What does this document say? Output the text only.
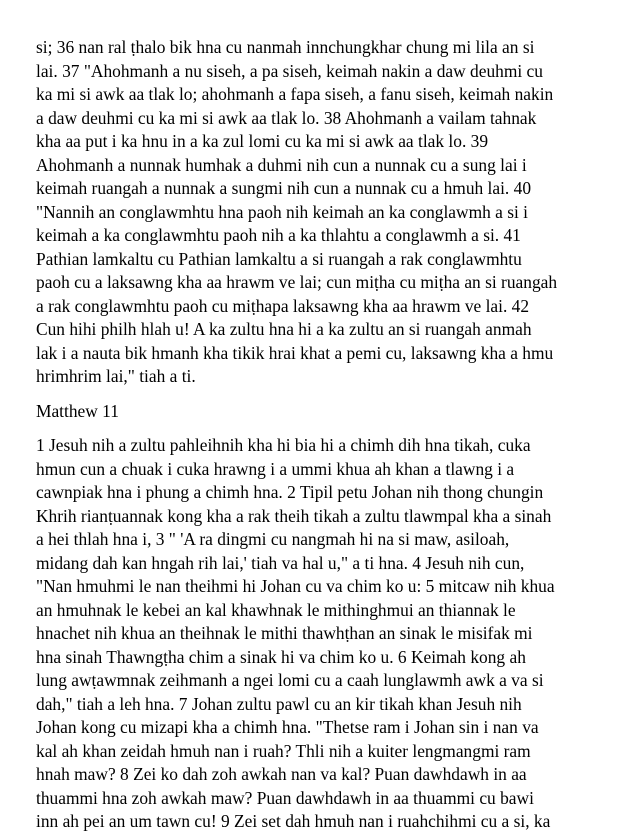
si; 36 nan ral ṭhalo bik hna cu nanmah innchungkhar chung mi lila an si
lai. 37 "Ahohmanh a nu siseh, a pa siseh, keimah nakin a daw deuhmi cu
ka mi si awk aa tlak lo; ahohmanh a fapa siseh, a fanu siseh, keimah nakin
a daw deuhmi cu ka mi si awk aa tlak lo. 38 Ahohmanh a vailam tahnak
kha aa put i ka hnu in a ka zul lomi cu ka mi si awk aa tlak lo. 39
Ahohmanh a nunnak humhak a duhmi nih cun a nunnak cu a sung lai i
keimah ruangah a nunnak a sungmi nih cun a nunnak cu a hmuh lai. 40
"Nannih an conglawmhtu hna paoh nih keimah an ka conglawmh a si i
keimah a ka conglawmhtu paoh nih a ka thlahtu a conglawmh a si. 41
Pathian lamkaltu cu Pathian lamkaltu a si ruangah a rak conglawmhtu
paoh cu a laksawng kha aa hrawm ve lai; cun miṭha cu miṭha an si ruangah
a rak conglawmhtu paoh cu miṭhapa laksawng kha aa hrawm ve lai. 42
Cun hihi philh hlah u! A ka zultu hna hi a ka zultu an si ruangah anmah
lak i a nauta bik hmanh kha tikik hrai khat a pemi cu, laksawng kha a hmu
hrimhrim lai," tiah a ti.

Matthew 11

1 Jesuh nih a zultu pahleihnih kha hi bia hi a chimh dih hna tikah, cuka
hmun cun a chuak i cuka hrawng i a ummi khua ah khan a tlawng i a
cawnpiak hna i phung a chimh hna. 2 Tipil petu Johan nih thong chungin
Khrih rianṭuannak kong kha a rak theih tikah a zultu tlawmpal kha a sinah
a hei thlah hna i, 3 " 'A ra dingmi cu nangmah hi na si maw, asiloah,
midang dah kan hngah rih lai,' tiah va hal u," a ti hna. 4 Jesuh nih cun,
"Nan hmuhmi le nan theihmi hi Johan cu va chim ko u: 5 mitcaw nih khua
an hmuhnak le kebei an kal khawhnak le mithinghmui an thiannak le
hnachet nih khua an theihnak le mithi thawhṭhan an sinak le misifak mi
hna sinah Thawngṭha chim a sinak hi va chim ko u. 6 Keimah kong ah
lung awṭawmnak zeihmanh a ngei lomi cu a caah lunglawmh awk a va si
dah," tiah a leh hna. 7 Johan zultu pawl cu an kir tikah khan Jesuh nih
Johan kong cu mizapi kha a chimh hna. "Thetse ram i Johan sin i nan va
kal ah khan zeidah hmuh nan i ruah? Thli nih a kuiter lengmangmi ram
hnah maw? 8 Zei ko dah zoh awkah nan va kal? Puan dawhdawh in aa
thuammi hna zoh awkah maw? Puan dawhdawh in aa thuammi cu bawi
inn ah pei an um tawn cu! 9 Zei set dah hmuh nan i ruahchihmi cu a si, ka
